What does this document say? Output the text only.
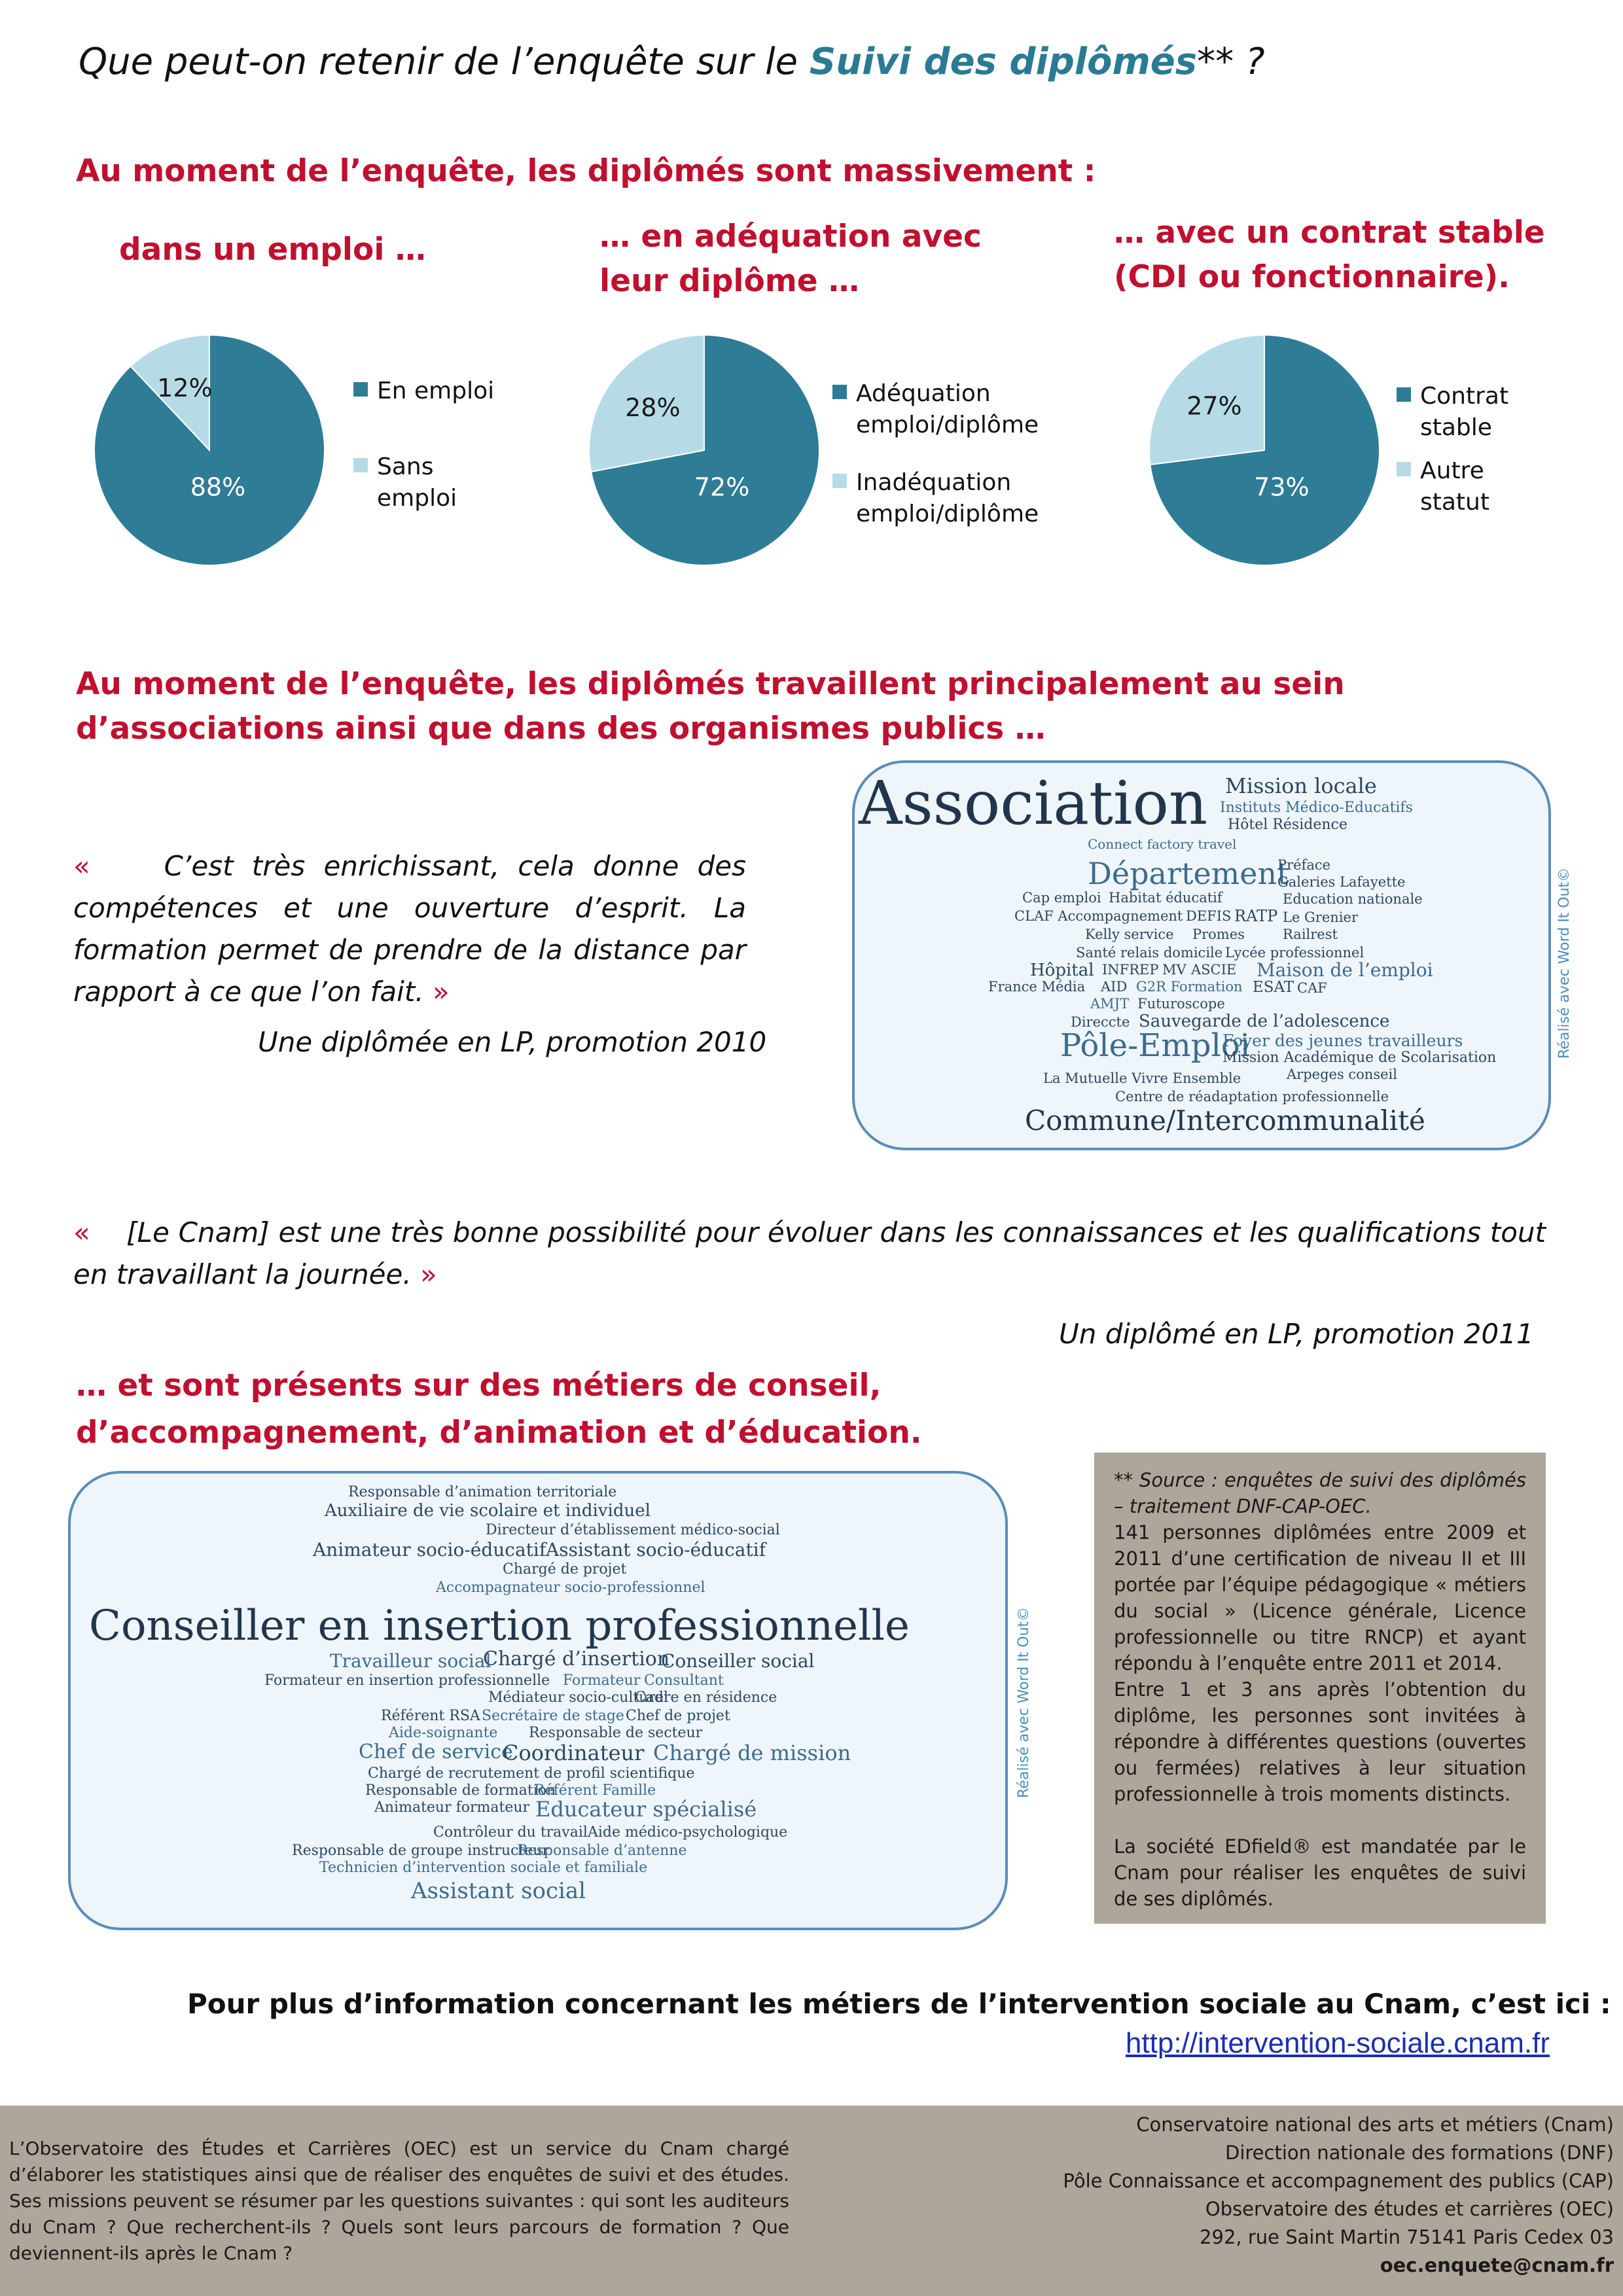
Que peut-on retenir de l’enquête sur le Suivi des diplômés** ?
Au moment de l’enquête, les diplômés sont massivement :
dans un emploi …	… en adéquation avec
leur diplôme …
… avec un contrat stable
(CDI ou fonctionnaire).
88%
12%
72%
28%
73%
27%
En emploi
Sans
emploi
Adéquation
emploi/diplôme
Inadéquation
emploi/diplôme
Contrat
stable
Autre
statut
Au moment de l’enquête, les diplômés travaillent principalement au sein
d’associations ainsi que dans des organismes publics …
«	C’est très enrichissant, cela donne des compétences et une ouverture d’esprit. La formation permet de prendre de la distance par rapport à ce que l’on fait. »
Une diplômée en LP, promotion 2010
Association Mission locale
Instituts Médico-Educatifs
Hôtel Résidence
Connect factory travel
Département
Préface
Galeries Lafayette
Cap emploi Habitat éducatif	Education nationale
CLAF Accompagnement DEFIS RATP Le Grenier
Kelly service Promes	Railrest
Santé relais domicile Lycée professionnel
Hôpital INFREP MV ASCIE Maison de l’emploi
France Média AID G2R Formation ESAT CAF
AMJT Futuroscope
Direccte Sauvegarde de l’adolescence
Pôle-Emploi
Foyer des jeunes travailleurs
Mission Académique de Scolarisation
Arpeges conseil
La Mutuelle Vivre Ensemble
Centre de réadaptation professionnelle
Commune/Intercommunalité
Réalisé avec Word It Out©
« [Le Cnam] est une très bonne possibilité pour évoluer dans les connaissances et les qualifications tout en travaillant la journée. »
Un diplômé en LP, promotion 2011
… et sont présents sur des métiers de conseil,
d’accompagnement, d’animation et d’éducation.
Responsable d’animation territoriale
Auxiliaire de vie scolaire et individuel
Directeur d’établissement médico-social
Animateur socio-éducatif Assistant socio-éducatif
Chargé de projet
Accompagnateur socio-professionnel
Conseiller en insertion professionnelle
Travailleur social
Chargé d’insertion
Conseiller social
Formateur en insertion professionnelle Formateur Consultant
Médiateur socio-culturel
Cadre en résidence
Référent RSA Secrétaire de stage Chef de projet
Aide-soignante Responsable de secteur
Chef de service
Coordinateur Chargé de mission
Chargé de recrutement de profil scientifique
Responsable de formation
Référent Famille
Animateur formateur Educateur spécialisé
Contrôleur du travail Aide médico-psychologique
Responsable de groupe instructeur
Responsable d’antenne
Technicien d’intervention sociale et familiale
Assistant social
Réalisé avec Word It Out©

** Source : enquêtes de suivi des diplômés – traitement DNF-CAP-OEC.

141 personnes diplômées entre 2009 et 2011 d’une certification de niveau II et III portée par l’équipe pédagogique « métiers du social » (Licence générale, Licence professionnelle ou titre RNCP) et ayant répondu à l’enquête entre 2011 et 2014.

Entre 1 et 3 ans après l’obtention du diplôme, les personnes sont invitées à répondre à différentes questions (ouvertes ou fermées) relatives à leur situation professionnelle à trois moments distincts.

La société EDfield® est mandatée par le Cnam pour réaliser les enquêtes de suivi de ses diplômés.

Pour plus d’information concernant les métiers de l’intervention sociale au Cnam, c’est ici :
http://intervention-sociale.cnam.fr
L’Observatoire des Études et Carrières (OEC) est un service du Cnam chargé d’élaborer les statistiques ainsi que de réaliser des enquêtes de suivi et des études. Ses missions peuvent se résumer par les questions suivantes : qui sont les auditeurs du Cnam ? Que recherchent-ils ? Quels sont leurs parcours de formation ? Que deviennent-ils après le Cnam ?
Conservatoire national des arts et métiers (Cnam)
Direction nationale des formations (DNF)
Pôle Connaissance et accompagnement des publics (CAP)
Observatoire des études et carrières (OEC)
292, rue Saint Martin 75141 Paris Cedex 03
oec.enquete@cnam.fr
